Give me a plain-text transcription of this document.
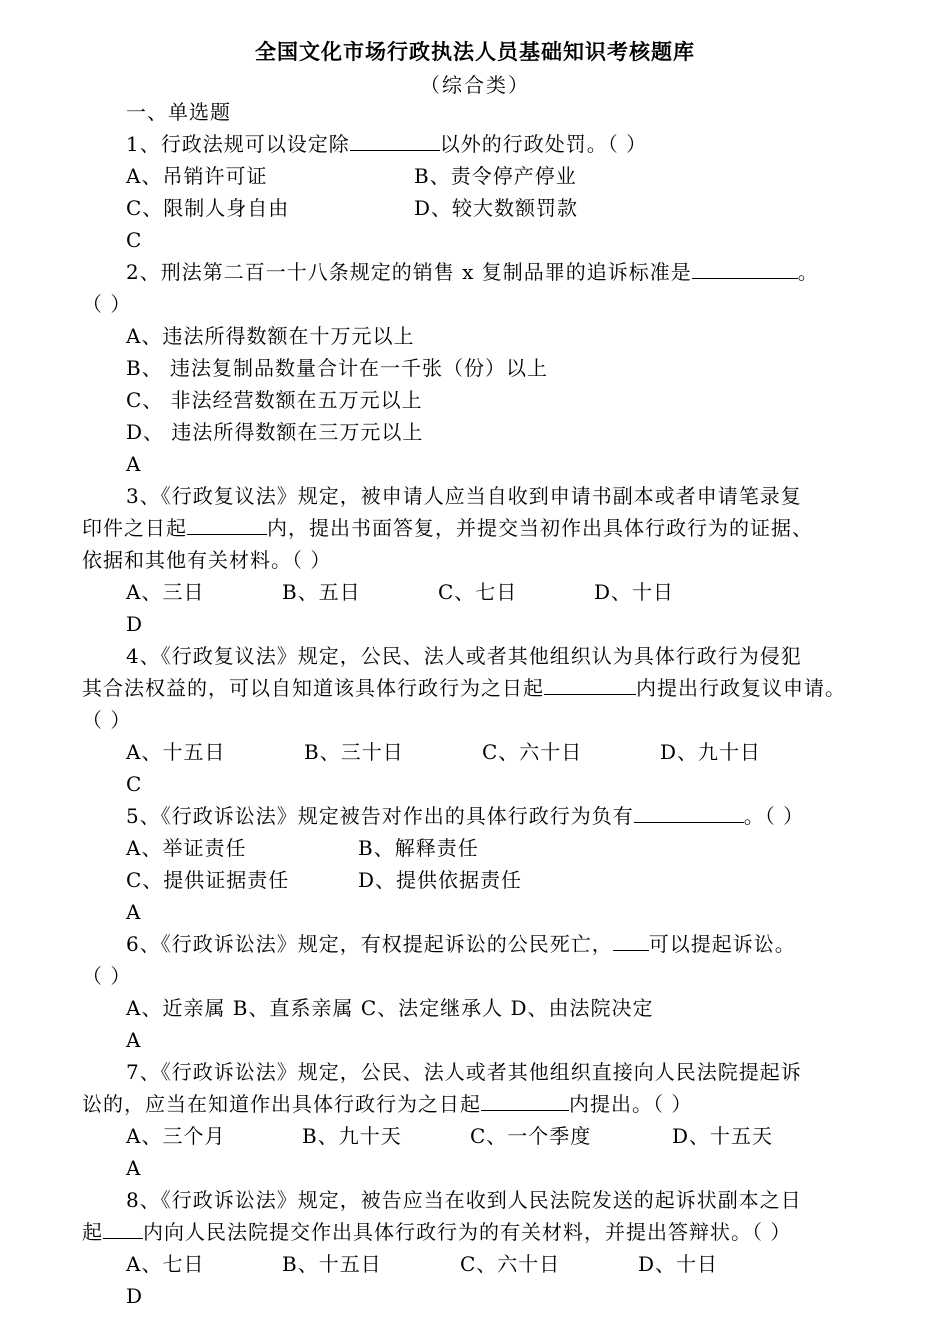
全国文化市场行政执法人员基础知识考核题库
（综合类）
一、单选题
1、行政法规可以设定除	以外的行政处罚。（ ）
A、吊销许可证	B、责令停产停业
C、限制人身自由	D、较大数额罚款
C
2、刑法第二百一十八条规定的销售 x 复制品罪的追诉标准是	。
（ ）
A、违法所得数额在十万元以上
B、 违法复制品数量合计在一千张（份）以上
C、 非法经营数额在五万元以上
D、 违法所得数额在三万元以上
A
3、《行政复议法》规定，被申请人应当自收到申请书副本或者申请笔录复
印件之日起	内，提出书面答复，并提交当初作出具体行政行为的证据、
依据和其他有关材料。（ ）
A、三日	B、五日	C、七日	D、十日
D
4、《行政复议法》规定，公民、法人或者其他组织认为具体行政行为侵犯
其合法权益的，可以自知道该具体行政行为之日起	内提出行政复议申请。
（ ）
A、十五日	B、三十日	C、六十日	D、九十日
C
5、《行政诉讼法》规定被告对作出的具体行政行为负有	。（ ）
A、举证责任	B、解释责任
C、提供证据责任	D、提供依据责任
A
6、《行政诉讼法》规定，有权提起诉讼的公民死亡， 可以提起诉讼。
（ ）
A、近亲属 B、直系亲属 C、法定继承人 D、由法院决定
A
7、《行政诉讼法》规定，公民、法人或者其他组织直接向人民法院提起诉
讼的，应当在知道作出具体行政行为之日起	内提出。（ ）
A、三个月	B、九十天	C、一个季度	D、十五天
A
8、《行政诉讼法》规定，被告应当在收到人民法院发送的起诉状副本之日
起 内向人民法院提交作出具体行政行为的有关材料，并提出答辩状。（ ）
A、七日	B、十五日	C、六十日	D、十日
D
